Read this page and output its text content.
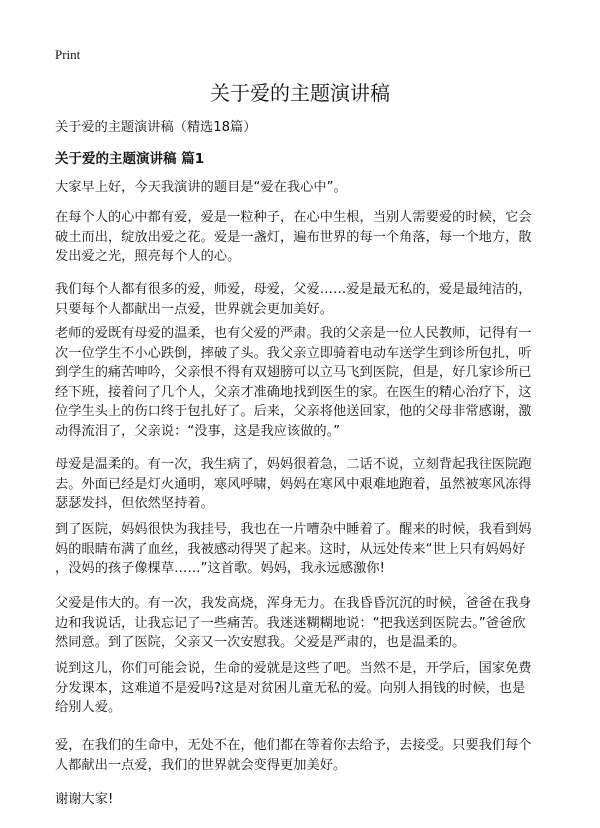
Print
关于爱的主题演讲稿
关于爱的主题演讲稿（精选18篇）
关于爱的主题演讲稿 篇1
大家早上好，今天我演讲的题目是“爱在我心中”。
在每个人的心中都有爱，爱是一粒种子，在心中生根，当别人需要爱的时候，它会
破土而出，绽放出爱之花。爱是一盏灯，遍布世界的每一个角落，每一个地方，散
发出爱之光，照亮每个人的心。
我们每个人都有很多的爱，师爱，母爱，父爱……爱是最无私的，爱是最纯洁的，
只要每个人都献出一点爱，世界就会更加美好。
老师的爱既有母爱的温柔，也有父爱的严肃。我的父亲是一位人民教师，记得有一
次一位学生不小心跌倒，摔破了头。我父亲立即骑着电动车送学生到诊所包扎，听
到学生的痛苦呻吟，父亲恨不得有双翅膀可以立马飞到医院，但是，好几家诊所已
经下班，接着问了几个人，父亲才准确地找到医生的家。在医生的精心治疗下，这
位学生头上的伤口终于包扎好了。后来，父亲将他送回家，他的父母非常感谢，激
动得流泪了，父亲说：“没事，这是我应该做的。”
母爱是温柔的。有一次，我生病了，妈妈很着急，二话不说，立刻背起我往医院跑
去。外面已经是灯火通明，寒风呼啸，妈妈在寒风中艰难地跑着，虽然被寒风冻得
瑟瑟发抖，但依然坚持着。
到了医院，妈妈很快为我挂号，我也在一片嘈杂中睡着了。醒来的时候，我看到妈
妈的眼睛布满了血丝，我被感动得哭了起来。这时，从远处传来“世上只有妈妈好
，没妈的孩子像棵草……”这首歌。妈妈，我永远感激你!
父爱是伟大的。有一次，我发高烧，浑身无力。在我昏昏沉沉的时候，爸爸在我身
边和我说话，让我忘记了一些痛苦。我迷迷糊糊地说：“把我送到医院去。”爸爸欣
然同意。到了医院，父亲又一次安慰我。父爱是严肃的，也是温柔的。
说到这儿，你们可能会说，生命的爱就是这些了吧。当然不是，开学后，国家免费
分发课本，这难道不是爱吗?这是对贫困儿童无私的爱。向别人捐钱的时候，也是
给别人爱。
爱，在我们的生命中，无处不在，他们都在等着你去给予，去接受。只要我们每个
人都献出一点爱，我们的世界就会变得更加美好。
谢谢大家!
